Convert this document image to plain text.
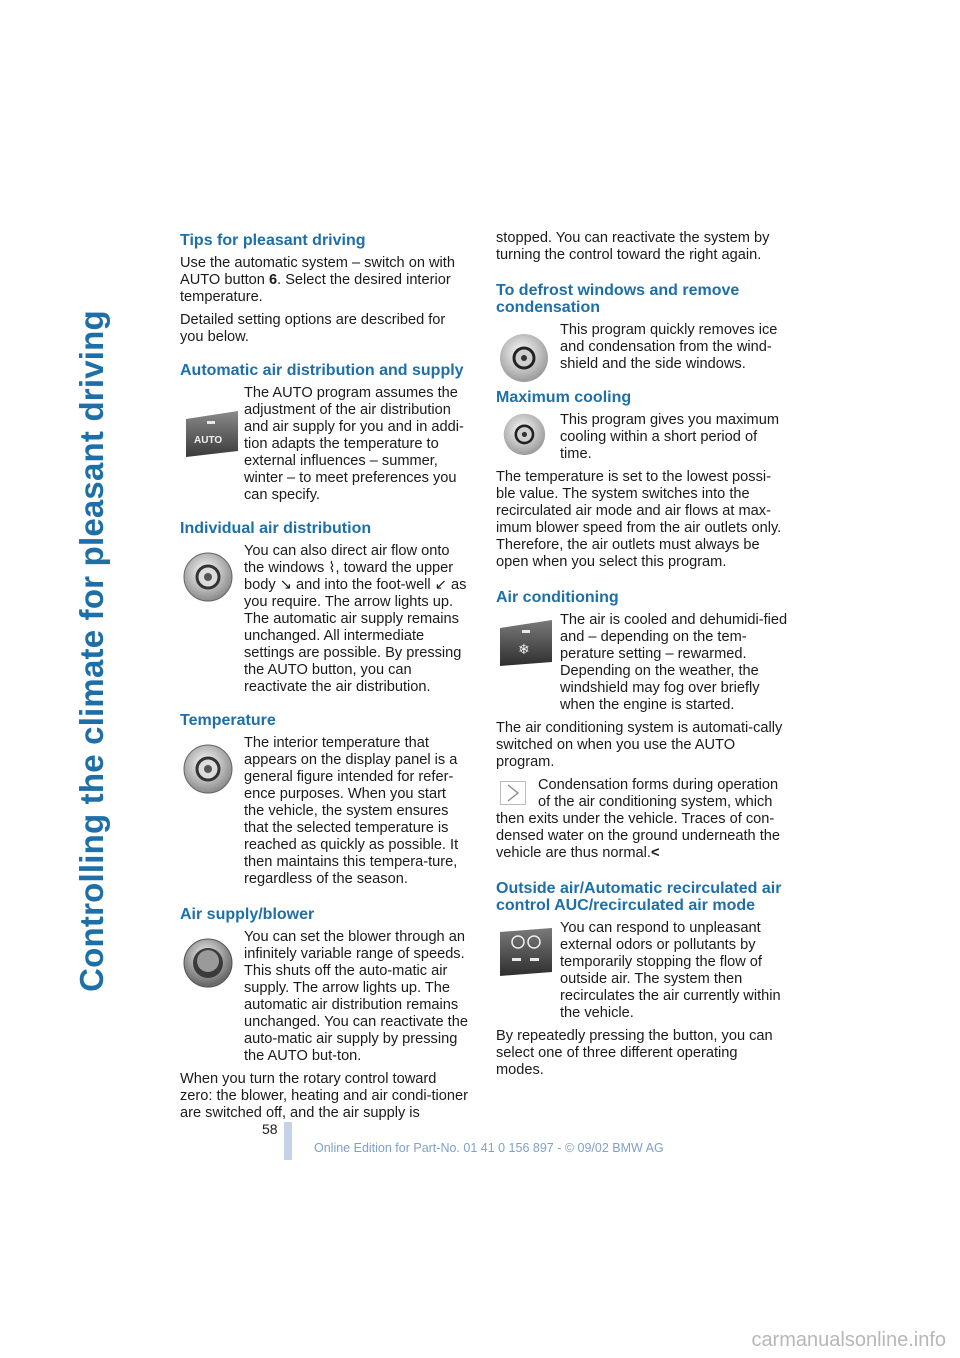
Controlling the climate for pleasant driving
Tips for pleasant driving

Use the automatic system – switch on with AUTO button 6. Select the desired interior temperature.

Detailed setting options are described for you below.

Automatic air distribution and supply
AUTO

The AUTO program assumes the adjustment of the air distribution and air supply for you and in addi-tion adapts the temperature to external influences – summer, winter – to meet preferences you can specify.

Individual air distribution

You can also direct air flow onto the windows ⌇, toward the upper body ↘ and into the foot-well ↙ as you require. The arrow lights up. The automatic air supply remains unchanged. All intermediate settings are possible. By pressing the AUTO button, you can reactivate the air distribution.

Temperature

The interior temperature that appears on the display panel is a general figure intended for refer-ence purposes. When you start the vehicle, the system ensures that the selected temperature is reached as quickly as possible. It then maintains this tempera-ture, regardless of the season.

Air supply/blower

You can set the blower through an infinitely variable range of speeds. This shuts off the auto-matic air supply. The arrow lights up. The automatic air distribution remains unchanged. You can reactivate the auto-matic air supply by pressing the AUTO but-ton.

When you turn the rotary control toward zero: the blower, heating and air condi-tioner are switched off, and the air supply is

stopped. You can reactivate the system by turning the control toward the right again.

To defrost windows and remove condensation

This program quickly removes ice and condensation from the wind-shield and the side windows.

Maximum cooling

This program gives you maximum cooling within a short period of time.

The temperature is set to the lowest possi-ble value. The system switches into the recirculated air mode and air flows at max-imum blower speed from the air outlets only. Therefore, the air outlets must always be open when you select this program.

Air conditioning
❄

The air is cooled and dehumidi-fied and – depending on the tem-perature setting – rewarmed. Depending on the weather, the windshield may fog over briefly when the engine is started.

The air conditioning system is automati-cally switched on when you use the AUTO program.

Condensation forms during operation of the air conditioning system, which then exits under the vehicle. Traces of con-densed water on the ground underneath the vehicle are thus normal.<

Outside air/Automatic recirculated air control AUC/recirculated air mode

You can respond to unpleasant external odors or pollutants by temporarily stopping the flow of outside air. The system then recirculates the air currently within the vehicle.

By repeatedly pressing the button, you can select one of three different operating modes.

58
Online Edition for Part-No. 01 41 0 156 897 - © 09/02 BMW AG
carmanualsonline.info
